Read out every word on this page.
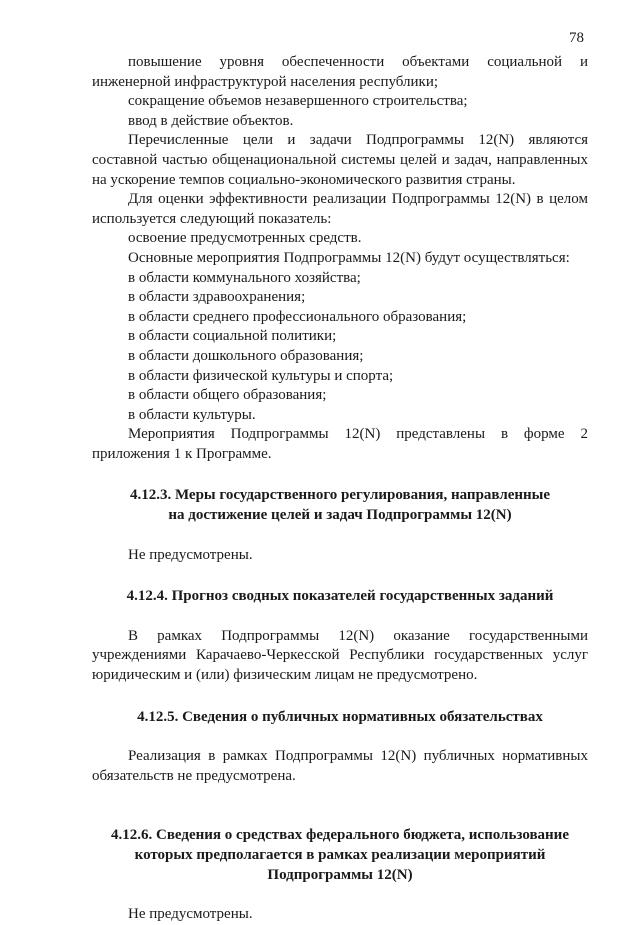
78

повышение уровня обеспеченности объектами социальной и инженерной инфраструктурой населения республики;

сокращение объемов незавершенного строительства;

ввод в действие объектов.

Перечисленные цели и задачи Подпрограммы 12(N) являются составной частью общенациональной системы целей и задач, направленных на ускорение темпов социально-экономического развития страны.

Для оценки эффективности реализации Подпрограммы 12(N) в целом используется следующий показатель:

освоение предусмотренных средств.

Основные мероприятия Подпрограммы 12(N) будут осуществляться:

в области коммунального хозяйства;

в области здравоохранения;

в области среднего профессионального образования;

в области социальной политики;

в области дошкольного образования;

в области физической культуры и спорта;

в области общего образования;

в области культуры.

Мероприятия Подпрограммы 12(N) представлены в форме 2 приложения 1 к Программе.

4.12.3. Меры государственного регулирования, направленные

на достижение целей и задач Подпрограммы 12(N)

Не предусмотрены.

4.12.4. Прогноз сводных показателей государственных заданий

В рамках Подпрограммы 12(N) оказание государственными учреждениями Карачаево-Черкесской Республики государственных услуг юридическим и (или) физическим лицам не предусмотрено.

4.12.5. Сведения о публичных нормативных обязательствах

Реализация в рамках Подпрограммы 12(N) публичных нормативных обязательств не предусмотрена.

4.12.6. Сведения о средствах федерального бюджета, использование

которых предполагается в рамках реализации мероприятий

Подпрограммы 12(N)

Не предусмотрены.
